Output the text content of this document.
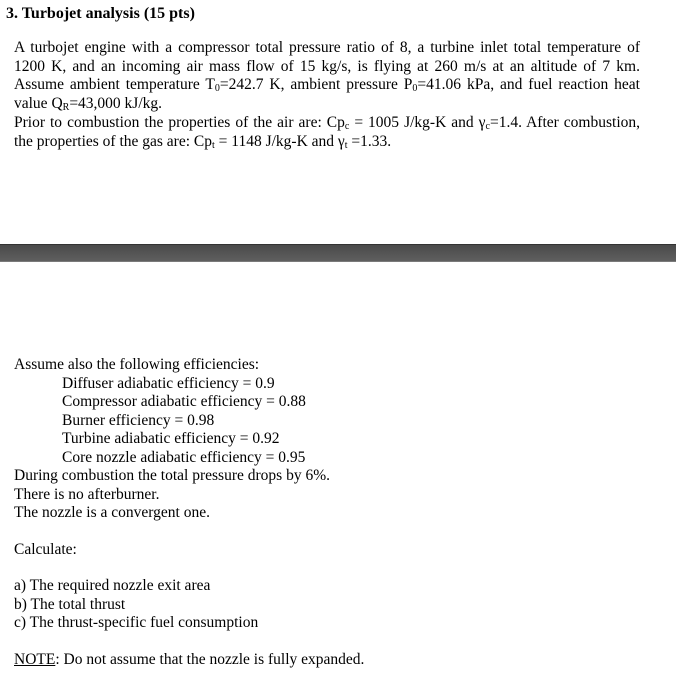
3. Turbojet analysis (15 pts)
A turbojet engine with a compressor total pressure ratio of 8, a turbine inlet total temperature of 1200 K, and an incoming air mass flow of 15 kg/s, is flying at 260 m/s at an altitude of 7 km. Assume ambient temperature $T_0=242.7$ K, ambient pressure $P_0=41.06$ kPa, and fuel reaction heat value $Q_R=43,000$ kJ/kg.
Prior to combustion the properties of the air are: $Cp_c = 1005$ J/kg-K and $\gamma_c=1.4$. After combustion, the properties of the gas are: $Cp_t = 1148$ J/kg-K and $\gamma_t =1.33$.
Assume also the following efficiencies:
Diffuser adiabatic efficiency = 0.9
Compressor adiabatic efficiency = 0.88
Burner efficiency = 0.98
Turbine adiabatic efficiency = 0.92
Core nozzle adiabatic efficiency = 0.95
During combustion the total pressure drops by 6%.
There is no afterburner.
The nozzle is a convergent one.
Calculate:
a) The required nozzle exit area
b) The total thrust
c) The thrust-specific fuel consumption
NOTE: Do not assume that the nozzle is fully expanded.
